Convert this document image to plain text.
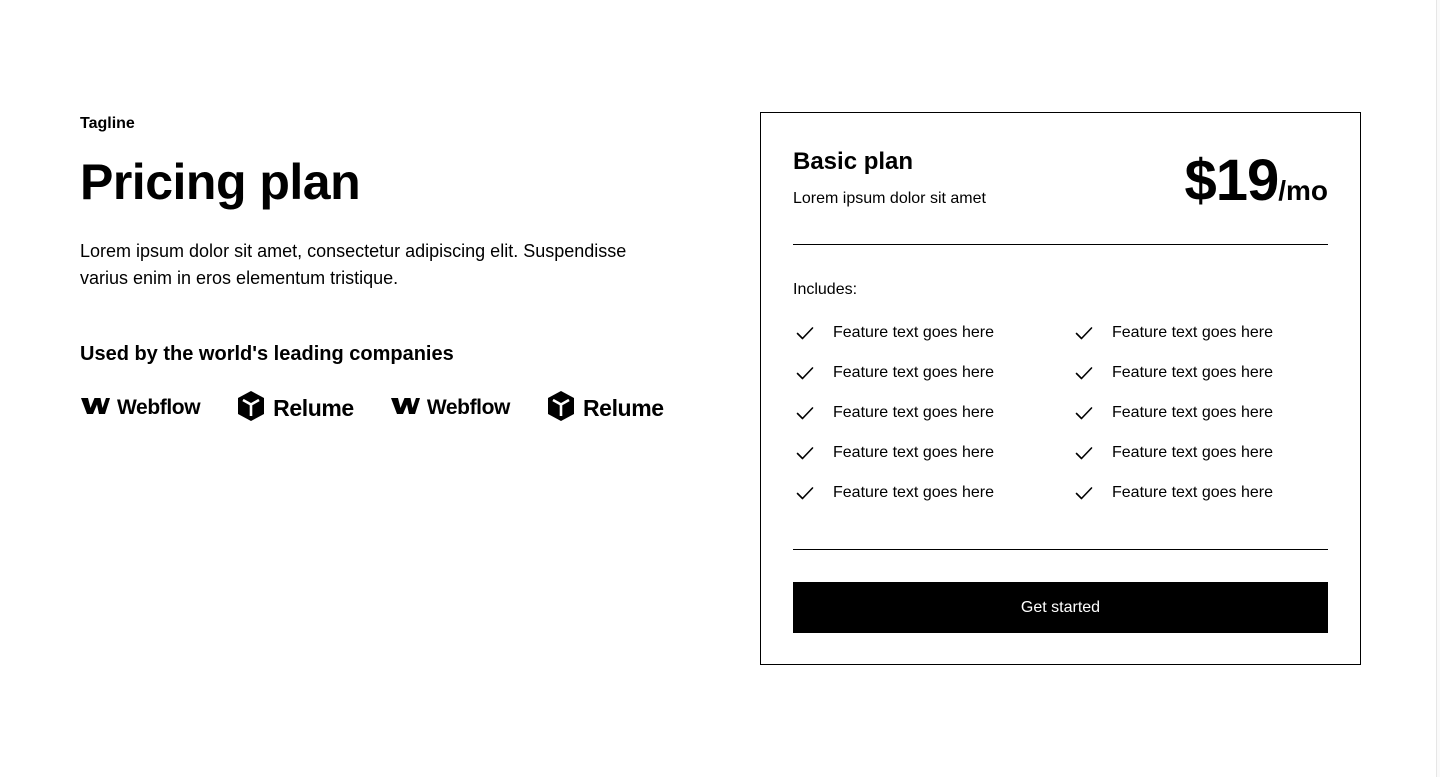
Tagline
Pricing plan

Lorem ipsum dolor sit amet, consectetur adipiscing elit. Suspendisse varius enim in eros elementum tristique.

Used by the world's leading companies
Webflow	Relume	Webflow	Relume
Basic plan
Lorem ipsum dolor sit amet	$19 /mo
Includes:
Feature text goes here	Feature text goes here
Feature text goes here	Feature text goes here
Feature text goes here	Feature text goes here
Feature text goes here	Feature text goes here
Feature text goes here	Feature text goes here
Get started
